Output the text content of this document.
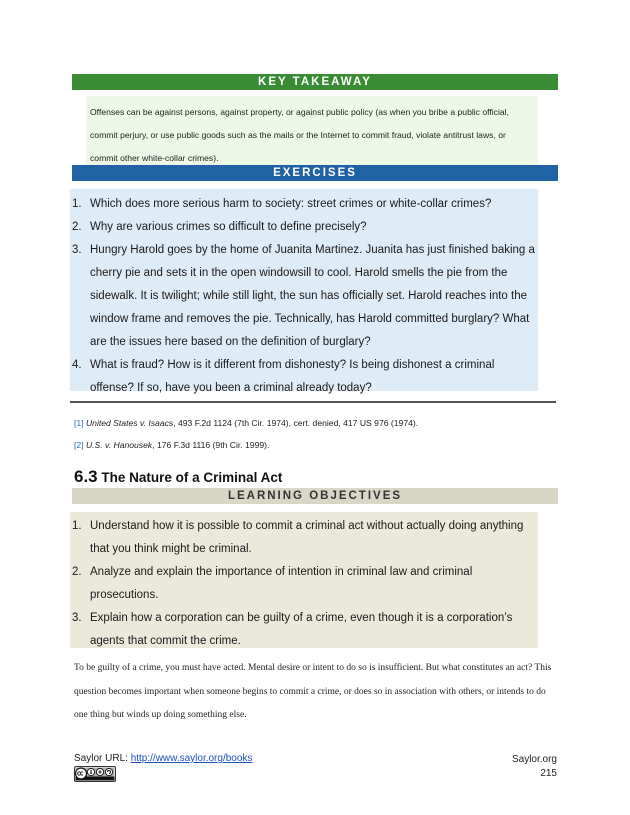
KEY TAKEAWAY
Offenses can be against persons, against property, or against public policy (as when you bribe a public official, commit perjury, or use public goods such as the mails or the Internet to commit fraud, violate antitrust laws, or commit other white-collar crimes).
EXERCISES
1. Which does more serious harm to society: street crimes or white-collar crimes?
2. Why are various crimes so difficult to define precisely?
3. Hungry Harold goes by the home of Juanita Martinez. Juanita has just finished baking a cherry pie and sets it in the open windowsill to cool. Harold smells the pie from the sidewalk. It is twilight; while still light, the sun has officially set. Harold reaches into the window frame and removes the pie. Technically, has Harold committed burglary? What are the issues here based on the definition of burglary?
4. What is fraud? How is it different from dishonesty? Is being dishonest a criminal offense? If so, have you been a criminal already today?
[1] United States v. Isaacs, 493 F.2d 1124 (7th Cir. 1974), cert. denied, 417 US 976 (1974).
[2] U.S. v. Hanousek, 176 F.3d 1116 (9th Cir. 1999).
6.3 The Nature of a Criminal Act
LEARNING OBJECTIVES
1. Understand how it is possible to commit a criminal act without actually doing anything that you think might be criminal.
2. Analyze and explain the importance of intention in criminal law and criminal prosecutions.
3. Explain how a corporation can be guilty of a crime, even though it is a corporation’s agents that commit the crime.
To be guilty of a crime, you must have acted. Mental desire or intent to do so is insufficient. But what constitutes an act? This question becomes important when someone begins to commit a crime, or does so in association with others, or intends to do one thing but winds up doing something else.
Saylor URL: http://www.saylor.org/books	Saylor.org
215
